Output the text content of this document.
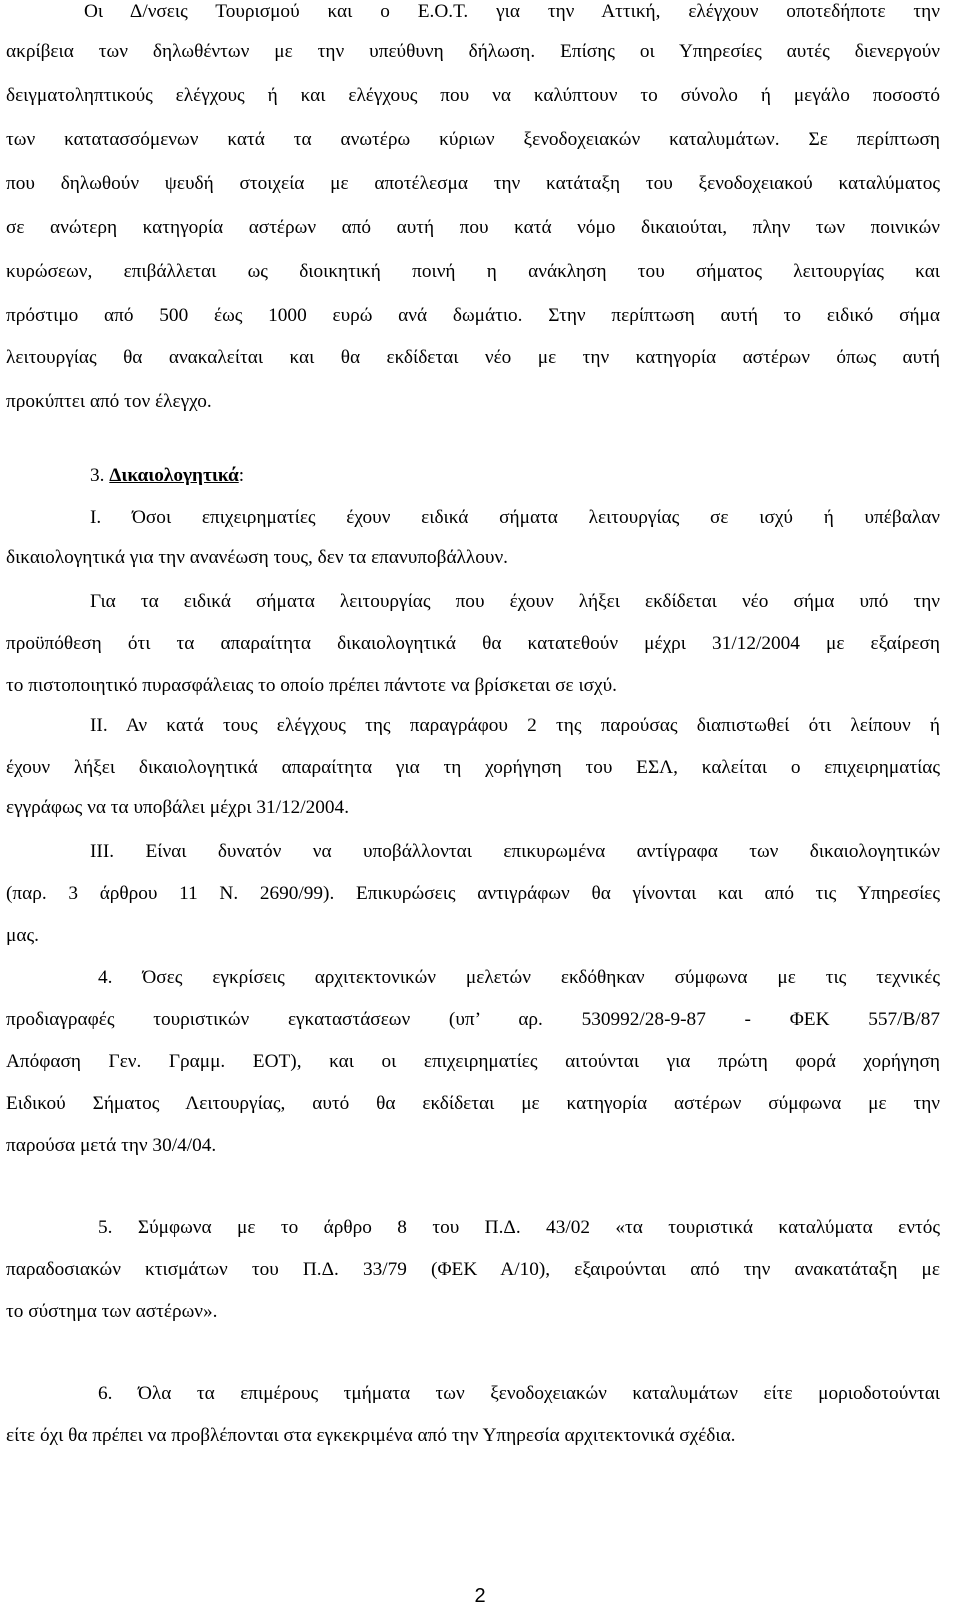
Οι Δ/νσεις Τουρισμού και ο Ε.Ο.Τ. για την Αττική, ελέγχουν οποτεδήποτε την
ακρίβεια των δηλωθέντων με την υπεύθυνη δήλωση. Επίσης οι Υπηρεσίες αυτές διενεργούν
δειγματοληπτικούς ελέγχους ή και ελέγχους που να καλύπτουν το σύνολο ή μεγάλο ποσοστό
των κατατασσόμενων κατά τα ανωτέρω κύριων ξενοδοχειακών καταλυμάτων. Σε περίπτωση
που δηλωθούν ψευδή στοιχεία με αποτέλεσμα την κατάταξη του ξενοδοχειακού καταλύματος
σε ανώτερη κατηγορία αστέρων από αυτή που κατά νόμο δικαιούται, πλην των ποινικών
κυρώσεων, επιβάλλεται ως διοικητική ποινή η ανάκληση του σήματος λειτουργίας και
πρόστιμο από 500 έως 1000 ευρώ ανά δωμάτιο. Στην περίπτωση αυτή το ειδικό σήμα
λειτουργίας θα ανακαλείται και θα εκδίδεται νέο με την κατηγορία αστέρων όπως αυτή
προκύπτει από τον έλεγχο.
3. Δικαιολογητικά:
Ι. Όσοι επιχειρηματίες έχουν ειδικά σήματα λειτουργίας σε ισχύ ή υπέβαλαν
δικαιολογητικά για την ανανέωση τους, δεν τα επανυποβάλλουν.
Για τα ειδικά σήματα λειτουργίας που έχουν λήξει εκδίδεται νέο σήμα υπό την
προϋπόθεση ότι τα απαραίτητα δικαιολογητικά θα κατατεθούν μέχρι 31/12/2004 με εξαίρεση
το πιστοποιητικό πυρασφάλειας το οποίο πρέπει πάντοτε να βρίσκεται σε ισχύ.
ΙΙ. Αν κατά τους ελέγχους της παραγράφου 2 της παρούσας διαπιστωθεί ότι λείπουν ή
έχουν λήξει δικαιολογητικά απαραίτητα για τη χορήγηση του ΕΣΛ, καλείται ο επιχειρηματίας
εγγράφως να τα υποβάλει μέχρι 31/12/2004.
ΙΙΙ. Είναι δυνατόν να υποβάλλονται επικυρωμένα αντίγραφα των δικαιολογητικών
(παρ. 3 άρθρου 11 Ν. 2690/99). Επικυρώσεις αντιγράφων θα γίνονται και από τις Υπηρεσίες
μας.
4. Όσες εγκρίσεις αρχιτεκτονικών μελετών εκδόθηκαν σύμφωνα με τις τεχνικές
προδιαγραφές τουριστικών εγκαταστάσεων (υπ’ αρ. 530992/28-9-87 - ΦΕΚ 557/Β/87
Απόφαση Γεν. Γραμμ. ΕΟΤ), και οι επιχειρηματίες αιτούνται για πρώτη φορά χορήγηση
Ειδικού Σήματος Λειτουργίας, αυτό θα εκδίδεται με κατηγορία αστέρων σύμφωνα με την
παρούσα μετά την 30/4/04.
5. Σύμφωνα με το άρθρο 8 του Π.Δ. 43/02 «τα τουριστικά καταλύματα εντός
παραδοσιακών κτισμάτων του Π.Δ. 33/79 (ΦΕΚ Α/10), εξαιρούνται από την ανακατάταξη με
το σύστημα των αστέρων».
6. Όλα τα επιμέρους τμήματα των ξενοδοχειακών καταλυμάτων είτε μοριοδοτούνται
είτε όχι θα πρέπει να προβλέπονται στα εγκεκριμένα από την Υπηρεσία αρχιτεκτονικά σχέδια.
2
